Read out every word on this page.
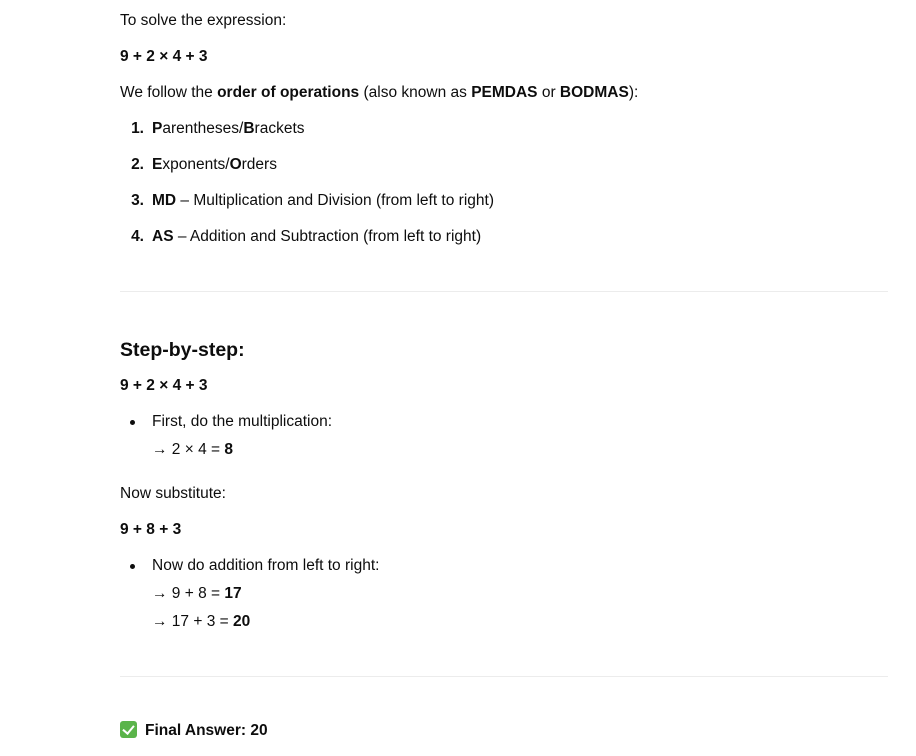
To solve the expression:
9 + 2 × 4 + 3
We follow the order of operations (also known as PEMDAS or BODMAS):
1. Parentheses/Brackets
2. Exponents/Orders
3. MD – Multiplication and Division (from left to right)
4. AS – Addition and Subtraction (from left to right)
Step-by-step:
9 + 2 × 4 + 3
First, do the multiplication:
→ 2 × 4 = 8
Now substitute:
9 + 8 + 3
Now do addition from left to right:
→ 9 + 8 = 17
→ 17 + 3 = 20
Final Answer: 20
